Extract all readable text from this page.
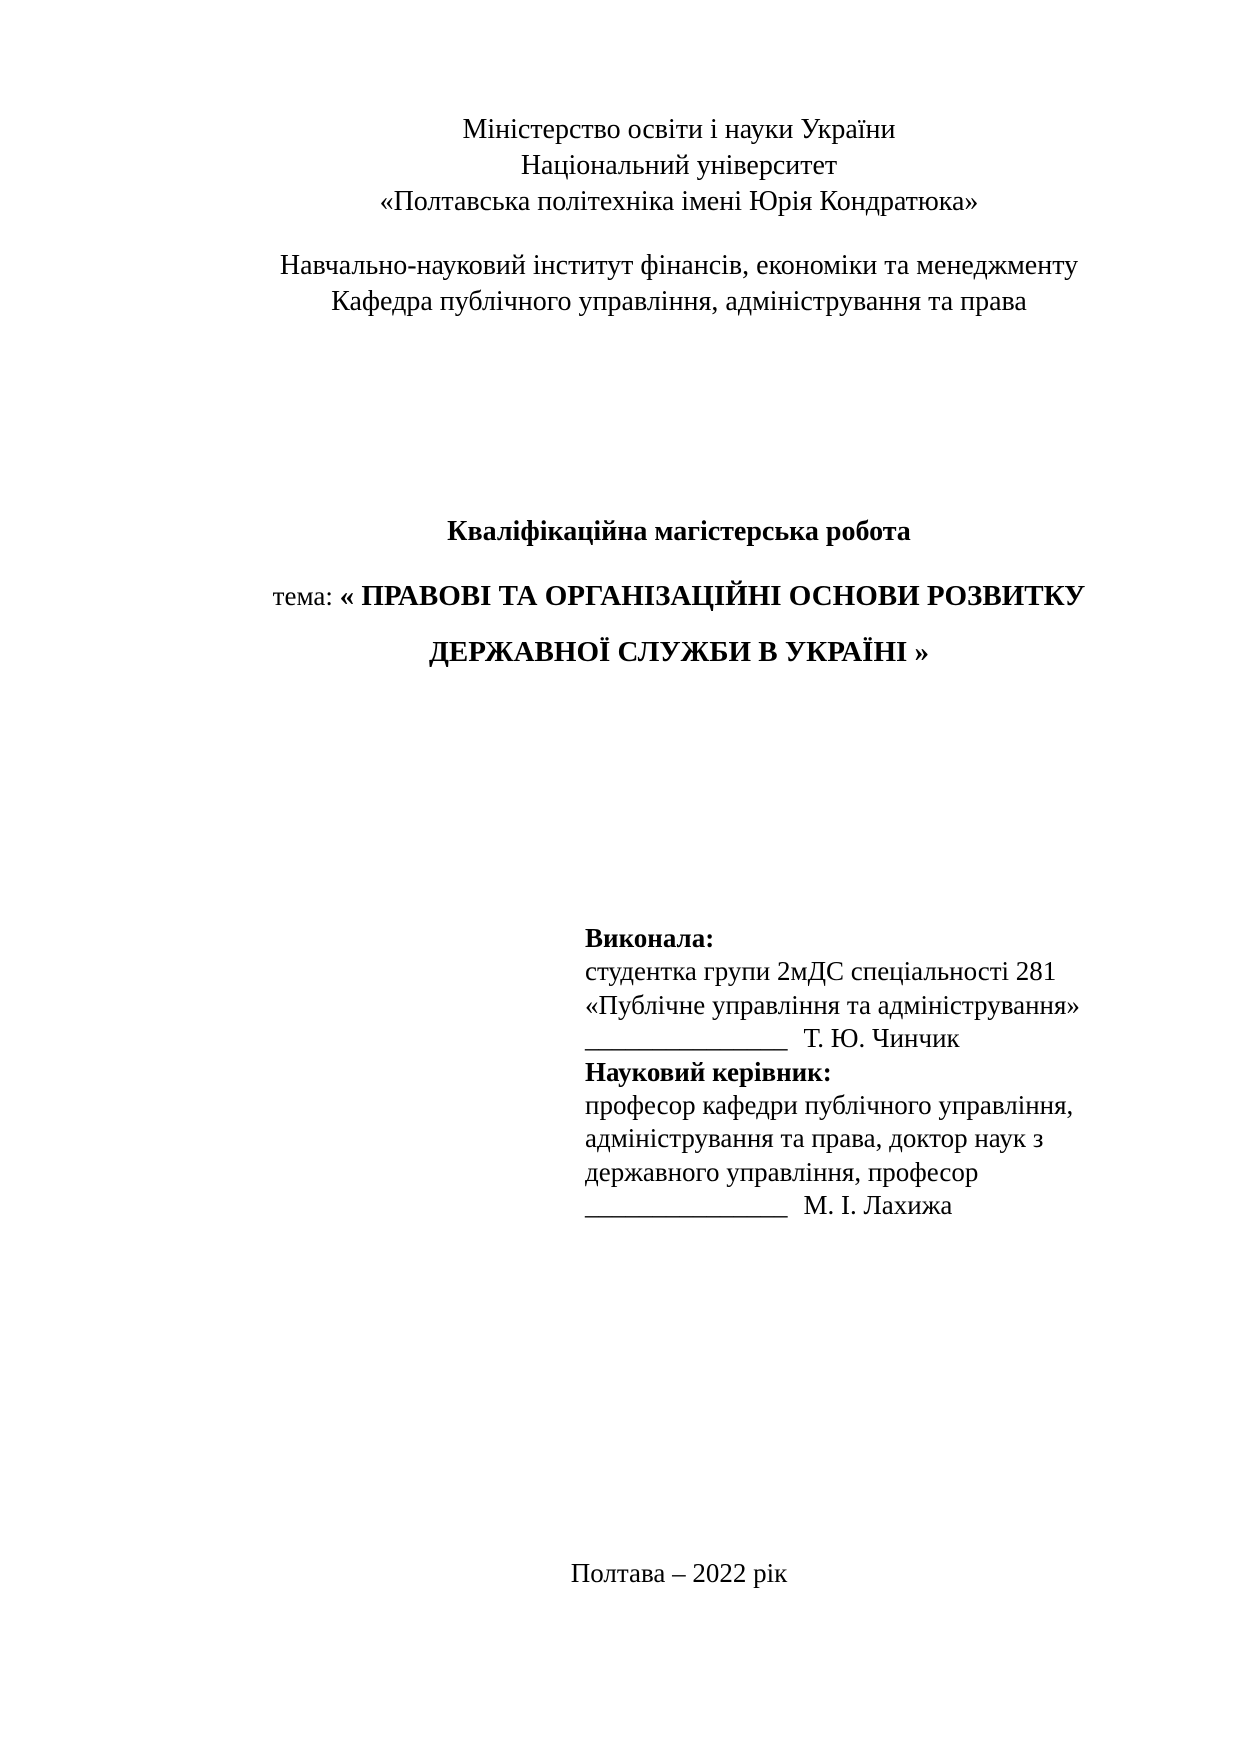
Міністерство освіти і науки України
Національний університет
«Полтавська політехніка імені Юрія Кондратюка»
Навчально-науковий інститут фінансів, економіки та менеджменту
Кафедра публічного управління, адміністрування та права
Кваліфікаційна магістерська робота
тема: « ПРАВОВІ ТА ОРГАНІЗАЦІЙНІ ОСНОВИ РОЗВИТКУ
ДЕРЖАВНОЇ СЛУЖБИ В УКРАЇНІ »
Виконала:
студентка групи 2мДС спеціальності 281
«Публічне управління та адміністрування»
_______________ Т. Ю. Чинчик
Науковий керівник:
професор кафедри публічного управління,
адміністрування та права, доктор наук з
державного управління, професор
_______________ М. І. Лахижа
Полтава – 2022 рік
